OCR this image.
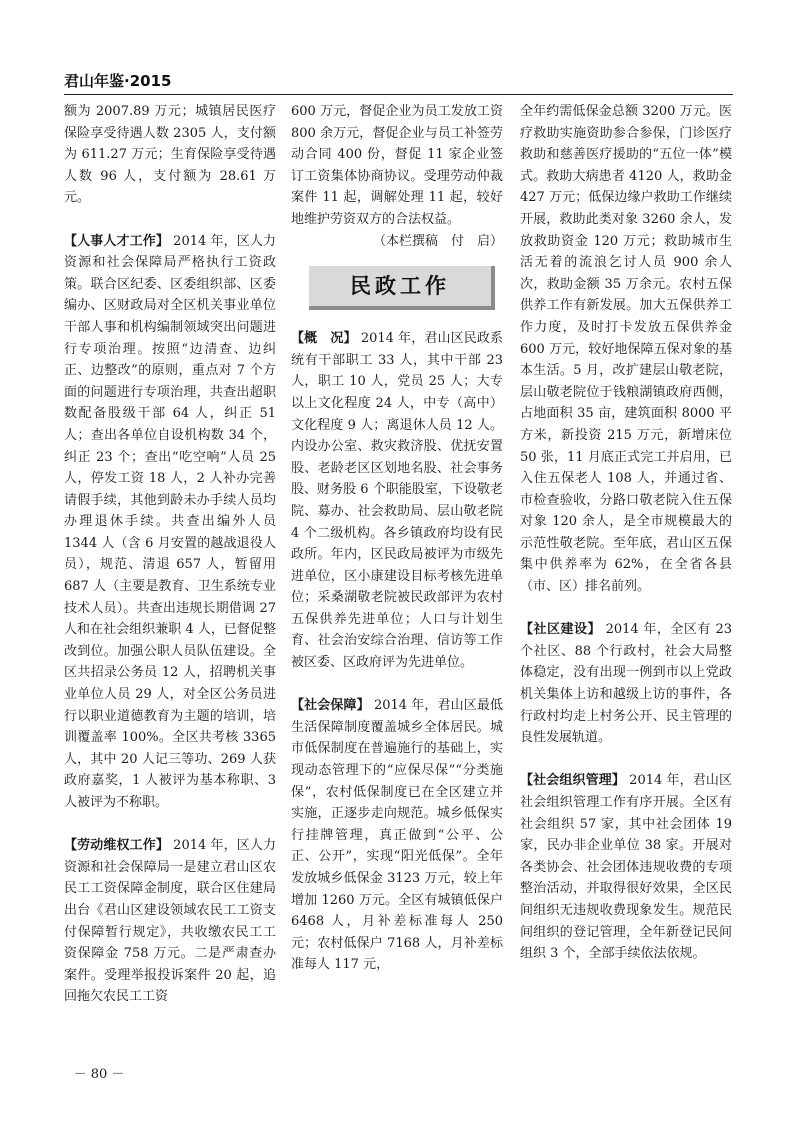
君山年鉴·2015

额为 2007.89 万元；城镇居民医疗保险享受待遇人数 2305 人，支付额为 611.27 万元；生育保险享受待遇人数 96 人，支付额为 28.61 万元。

【人事人才工作】 2014 年，区人力资源和社会保障局严格执行工资政策。联合区纪委、区委组织部、区委编办、区财政局对全区机关事业单位干部人事和机构编制领域突出问题进行专项治理。按照“边清查、边纠正、边整改”的原则，重点对 7 个方面的问题进行专项治理，共查出超职数配备股级干部 64 人，纠正 51 人；查出各单位自设机构数 34 个，纠正 23 个；查出“吃空响”人员 25 人，停发工资 18 人，2 人补办完善请假手续，其他到龄未办手续人员均办理退休手续。共查出编外人员 1344 人（含 6 月安置的越战退役人员），规范、清退 657 人，暂留用 687 人（主要是教育、卫生系统专业技术人员）。共查出违规长期借调 27 人和在社会组织兼职 4 人，已督促整改到位。加强公职人员队伍建设。全区共招录公务员 12 人，招聘机关事业单位人员 29 人，对全区公务员进行以职业道德教育为主题的培训，培训覆盖率 100%。全区共考核 3365 人，其中 20 人记三等功、269 人获政府嘉奖，1 人被评为基本称职、3 人被评为不称职。

【劳动维权工作】 2014 年，区人力资源和社会保障局一是建立君山区农民工工资保障金制度，联合区住建局出台《君山区建设领域农民工工资支付保障暂行规定》，共收缴农民工工资保障金 758 万元。二是严肃查办案件。受理举报投诉案件 20 起，追回拖欠农民工工资

600 万元，督促企业为员工发放工资 800 余万元，督促企业与员工补签劳动合同 400 份，督促 11 家企业签订工资集体协商协议。受理劳动仲裁案件 11 起，调解处理 11 起，较好地维护劳资双方的合法权益。

（本栏撰稿　付　启）

民政工作

【概　况】 2014 年，君山区民政系统有干部职工 33 人，其中干部 23 人，职工 10 人，党员 25 人；大专以上文化程度 24 人，中专（高中）文化程度 9 人；离退休人员 12 人。内设办公室、救灾救济股、优抚安置股、老龄老区区划地名股、社会事务股、财务股 6 个职能股室，下设敬老院、募办、社会救助局、层山敬老院 4 个二级机构。各乡镇政府均设有民政所。年内，区民政局被评为市级先进单位，区小康建设目标考核先进单位；采桑湖敬老院被民政部评为农村五保供养先进单位；人口与计划生育、社会治安综合治理、信访等工作被区委、区政府评为先进单位。

【社会保障】 2014 年，君山区最低生活保障制度覆盖城乡全体居民。城市低保制度在普遍施行的基础上，实现动态管理下的“应保尽保”“分类施保”，农村低保制度已在全区建立并实施，正逐步走向规范。城乡低保实行挂牌管理，真正做到“公平、公正、公开”，实现“阳光低保”。全年发放城乡低保金 3123 万元，较上年增加 1260 万元。全区有城镇低保户 6468 人，月补差标准每人 250 元；农村低保户 7168 人，月补差标准每人 117 元，

全年约需低保金总额 3200 万元。医疗救助实施资助参合参保，门诊医疗救助和慈善医疗援助的“五位一体”模式。救助大病患者 4120 人，救助金 427 万元；低保边缘户救助工作继续开展，救助此类对象 3260 余人，发放救助资金 120 万元；救助城市生活无着的流浪乞讨人员 900 余人次，救助金额 35 万余元。农村五保供养工作有新发展。加大五保供养工作力度，及时打卡发放五保供养金 600 万元，较好地保障五保对象的基本生活。5 月，改扩建层山敬老院，层山敬老院位于钱粮湖镇政府西侧，占地面积 35 亩，建筑面积 8000 平方米，新投资 215 万元，新增床位 50 张，11 月底正式完工并启用，已入住五保老人 108 人，并通过省、市检查验收，分路口敬老院入住五保对象 120 余人，是全市规模最大的示范性敬老院。至年底，君山区五保集中供养率为 62%，在全省各县（市、区）排名前列。

【社区建设】 2014 年，全区有 23 个社区、88 个行政村，社会大局整体稳定，没有出现一例到市以上党政机关集体上访和越级上访的事件，各行政村均走上村务公开、民主管理的良性发展轨道。

【社会组织管理】 2014 年，君山区社会组织管理工作有序开展。全区有社会组织 57 家，其中社会团体 19 家，民办非企业单位 38 家。开展对各类协会、社会团体违规收费的专项整治活动，并取得很好效果，全区民间组织无违规收费现象发生。规范民间组织的登记管理，全年新登记民间组织 3 个，全部手续依法依规。

－ 80 －
